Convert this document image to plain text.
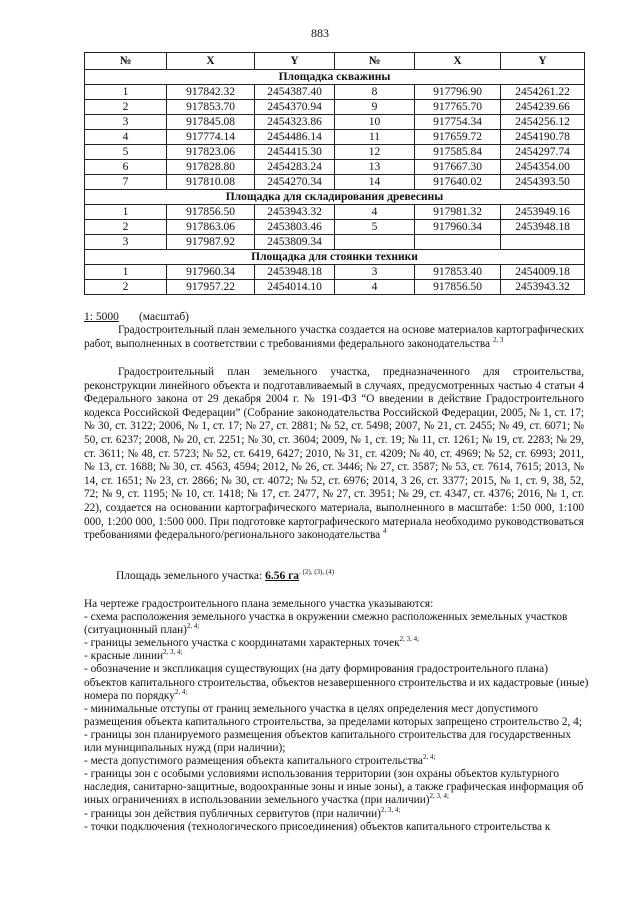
883
№	X	Y	№	X	Y
Площадка скважины					
1	917842.32	2454387.40	8	917796.90	2454261.22
2	917853.70	2454370.94	9	917765.70	2454239.66
3	917845.08	2454323.86	10	917754.34	2454256.12
4	917774.14	2454486.14	11	917659.72	2454190.78
5	917823.06	2454415.30	12	917585.84	2454297.74
6	917828.80	2454283.24	13	917667.30	2454354.00
7	917810.08	2454270.34	14	917640.02	2454393.50
Площадка для складирования древесины					
1	917856.50	2453943.32	4	917981.32	2453949.16
2	917863.06	2453803.46	5	917960.34	2453948.18
3	917987.92	2453809.34			
Площадка для стоянки техники					
1	917960.34	2453948.18	3	917853.40	2454009.18
2	917957.22	2454014.10	4	917856.50	2453943.32
1: 5000 (масштаб)
Градостроительный план земельного участка создается на основе материалов картографических работ, выполненных в соответствии с требованиями федерального законодательства $^{2, 3}$
Градостроительный план земельного участка, предназначенного для строительства, реконструкции линейного объекта и подготавливаемый в случаях, предусмотренных частью 4 статьи 4 Федерального закона от 29 декабря 2004 г. № 191-ФЗ “О введении в действие Градостроительного кодекса Российской Федерации” (Собрание законодательства Российской Федерации, 2005, № 1, ст. 17; № 30, ст. 3122; 2006, № 1, ст. 17; № 27, ст. 2881; № 52, ст. 5498; 2007, № 21, ст. 2455; № 49, ст. 6071; № 50, ст. 6237; 2008, № 20, ст. 2251; № 30, ст. 3604; 2009, № 1, ст. 19; № 11, ст. 1261; № 19, ст. 2283; № 29, ст. 3611; № 48, ст. 5723; № 52, ст. 6419, 6427; 2010, № 31, ст. 4209; № 40, ст. 4969; № 52, ст. 6993; 2011, № 13, ст. 1688; № 30, ст. 4563, 4594; 2012, № 26, ст. 3446; № 27, ст. 3587; № 53, ст. 7614, 7615; 2013, № 14, ст. 1651; № 23, ст. 2866; № 30, ст. 4072; № 52, ст. 6976; 2014, 3 26, ст. 3377; 2015, № 1, ст. 9, 38, 52, 72; № 9, ст. 1195; № 10, ст. 1418; № 17, ст. 2477, № 27, ст. 3951; № 29, ст. 4347, ст. 4376; 2016, № 1, ст. 22), создается на основании картографического материала, выполненного в масштабе: 1:50 000, 1:100 000, 1:200 000, 1:500 000. При подготовке картографического материала необходимо руководствоваться требованиями федерального/регионального законодательства $^4$
Площадь земельного участка: 6.56 $га^{. (2), (3), (4)}$
На чертеже градостроительного плана земельного участка указываются:
- схема расположения земельного участка в окружении смежно расположенных земельных участков (ситуационный план)$^{2, 4;}$
- границы земельного участка с координатами характерных точек$^{2, 3, 4;}$
- красные линии$^{2, 3, 4;}$
- обозначение и экспликация существующих (на дату формирования градостроительного плана) объектов капитального строительства, объектов незавершенного строительства и их кадастровые (иные) номера по порядку$^{2, 4;}$
- минимальные отступы от границ земельного участка в целях определения мест допустимого размещения объекта капитального строительства, за пределами которых запрещено строительство 2, 4;
- границы зон планируемого размещения объектов капитального строительства для государственных или муниципальных нужд (при наличии);
- места допустимого размещения объекта капитального строительства$^{2, 4;}$
- границы зон с особыми условиями использования территории (зон охраны объектов культурного наследия, санитарно-защитные, водоохранные зоны и иные зоны), а также графическая информация об иных ограничениях в использовании земельного участка (при наличии)$^{2, 3, 4;}$
- границы зон действия публичных сервитутов (при наличии)$^{2, 3, 4;}$
- точки подключения (технологического присоединения) объектов капитального строительства к
